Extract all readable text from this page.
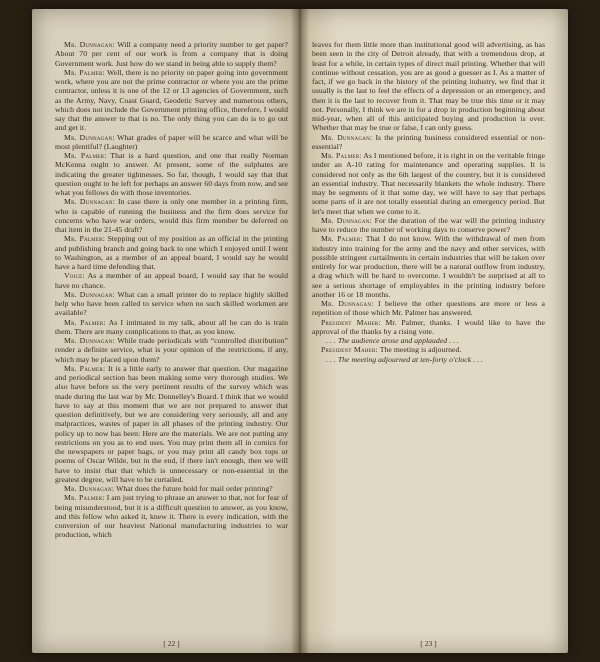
Mr. Dunnagan: Will a company need a priority number to get paper? About 70 per cent of our work is from a company that is doing Government work. Just how do we stand in being able to supply them?

Mr. Palmer: Well, there is no priority on paper going into government work, where you are not the prime contractor or where you are the prime contractor, unless it is one of the 12 or 13 agencies of Government, such as the Army, Navy, Coast Guard, Geodetic Survey and numerous others, which does not include the Government printing office, therefore, I would say that the answer to that is no. The only thing you can do is to go out and get it.

Mr. Dunnagan: What grades of paper will be scarce and what will be most plentiful? (Laughter)

Mr. Palmer: That is a hard question, and one that really Norman McKenna ought to answer. At present, some of the sulphates are indicating the greater tightnesses. So far, though, I would say that that question ought to be left for perhaps an answer 60 days from now, and see what you fellows do with those inventories.

Mr. Dunnagan: In case there is only one member in a printing firm, who is capable of running the business and the firm does service for concerns who have war orders, would this firm member be deferred on that item in the 21-45 draft?

Mr. Palmer: Stepping out of my position as an official in the printing and publishing branch and going back to one which I enjoyed until I went to Washington, as a member of an appeal board, I would say he would have a hard time defending that.

Voice: As a member of an appeal board, I would say that he would have no chance.

Mr. Dunnagan: What can a small printer do to replace highly skilled help who have been called to service when no such skilled workmen are available?

Mr. Palmer: As I intimated in my talk, about all he can do is train them. There are many complications to that, as you know.

Mr. Dunnagan: While trade periodicals with “controlled distribution” render a definite service, what is your opinion of the restrictions, if any, which may be placed upon them?

Mr. Palmer: It is a little early to answer that question. Our magazine and periodical section has been making some very thorough studies. We also have before us the very pertinent results of the survey which was made during the last war by Mr. Donnelley's Board. I think that we would have to say at this moment that we are not prepared to answer that question definitively, but we are considering very seriously, all and any malpractices, wastes of paper in all phases of the printing industry. Our policy up to now has been: Here are the materials. We are not putting any restrictions on you as to end uses. You may print them all in comics for the newspapers or paper bags, or you may print all candy box tops or poems of Oscar Wilde, but in the end, if there isn't enough, then we will have to insist that that which is unnecessary or non-essential in the greatest degree, will have to be curtailed.

Mr. Dunnagan: What does the future hold for mail order printing?

Mr. Palmer: I am just trying to phrase an answer to that, not for fear of being misunderstood, but it is a difficult question to answer, as you know, and this fellow who asked it, knew it. There is every indication, with the conversion of our heaviest National manufacturing industries to war production, which

[ 22 ]

leaves for them little more than institutional good will advertising, as has been seen in the city of Detroit already, that with a tremendous drop, at least for a while, in certain types of direct mail printing. Whether that will continue without cessation, you are as good a guesser as I. As a matter of fact, if we go back in the history of the printing industry, we find that it usually is the last to feel the effects of a depression or an emergency, and then it is the last to recover from it. That may be true this time or it may not. Personally, I think we are in for a drop in production beginning about mid-year, when all of this anticipated buying and production is over. Whether that may be true or false, I can only guess.

Mr. Dunnagan: Is the printing business considered essential or non-essential?

Mr. Palmer: As I mentioned before, it is right in on the veritable fringe under an A-10 rating for maintenance and operating supplies. It is considered not only as the 6th largest of the country, but it is considered an essential industry. That necessarily blankets the whole industry. There may be segments of it that some day, we will have to say that perhaps some parts of it are not totally essential during an emergency period. But let's meet that when we come to it.

Mr. Dunnagan: For the duration of the war will the printing industry have to reduce the number of working days to conserve power?

Mr. Palmer: That I do not know. With the withdrawal of men from industry into training for the army and the navy and other services, with possible stringent curtailments in certain industries that will be taken over entirely for war production, there will be a natural outflow from industry, a drag which will be hard to overcome. I wouldn't be surprised at all to see a serious shortage of employables in the printing industry before another 16 or 18 months.

Mr. Dunnagan: I believe the other questions are more or less a repetition of those which Mr. Palmer has answered.

President Maher: Mr. Palmer, thanks. I would like to have the approval of the thanks by a rising vote.

. . . The audience arose and applauded . . .

President Maher: The meeting is adjourned.

. . . The meeting adjourned at ten-forty o'clock . . .

[ 23 ]
